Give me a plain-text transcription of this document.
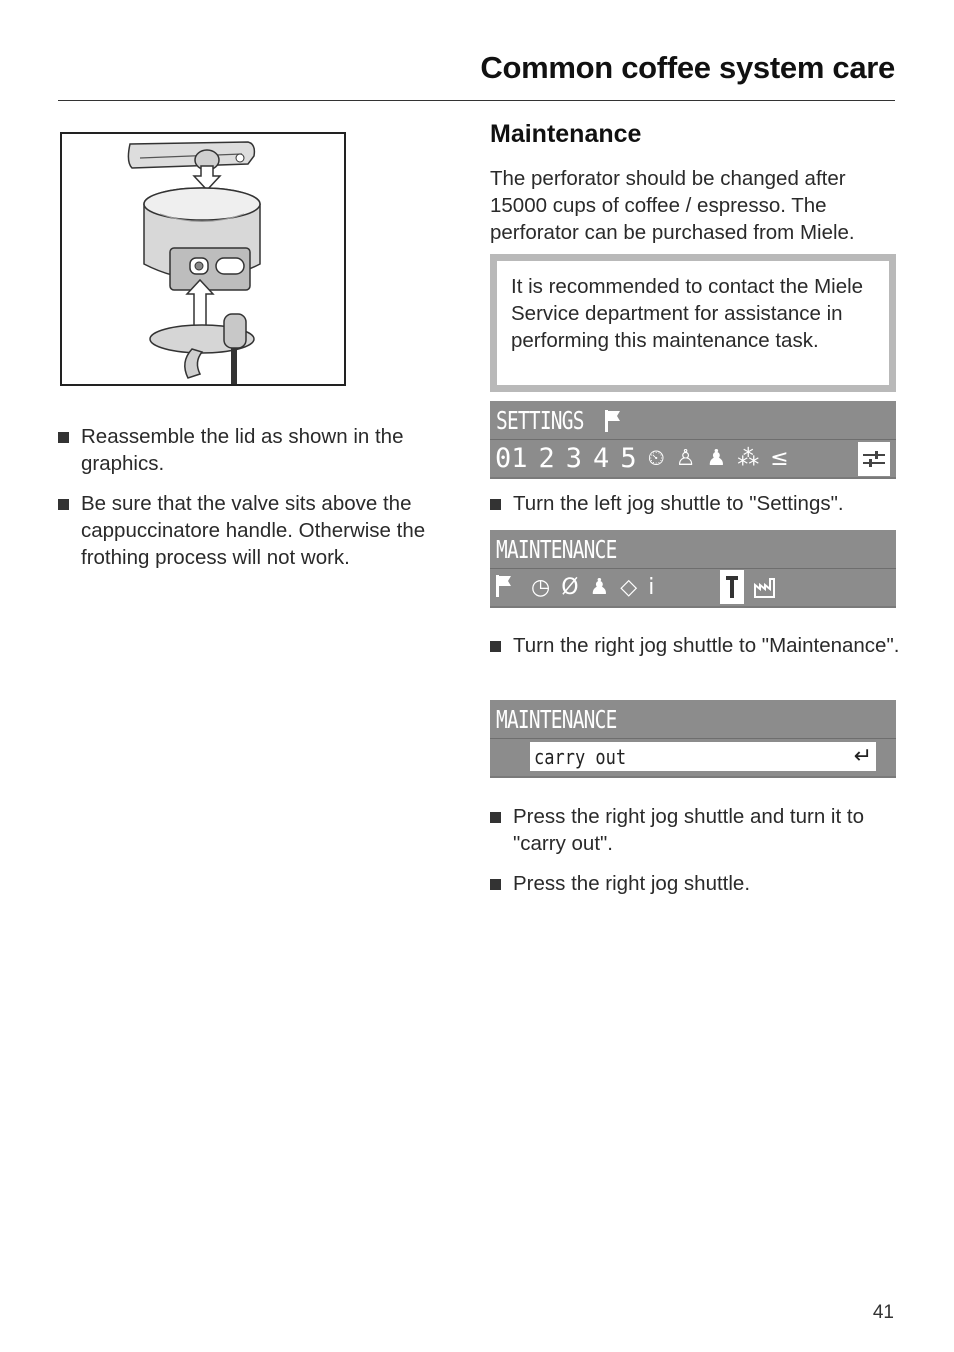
Common coffee system care
Reassemble the lid as shown in the graphics.
Be sure that the valve sits above the cappuccinatore handle. Otherwise the frothing process will not work.
Maintenance

The perforator should be changed after 15000 cups of coffee / espresso. The perforator can be purchased from Miele.

It is recommended to contact the Miele Service department for assistance in performing this maintenance task.
SETTINGS
01 2 3 4 5 ⏲ ♙ ♟ ⁂ ≤
Turn the left jog shuttle to "Settings".
MAINTENANCE
◷ Ø ♟ ◇ i
Turn the right jog shuttle to "Maintenance".
MAINTENANCE
carry out	↵
Press the right jog shuttle and turn it to "carry out".
Press the right jog shuttle.
41
